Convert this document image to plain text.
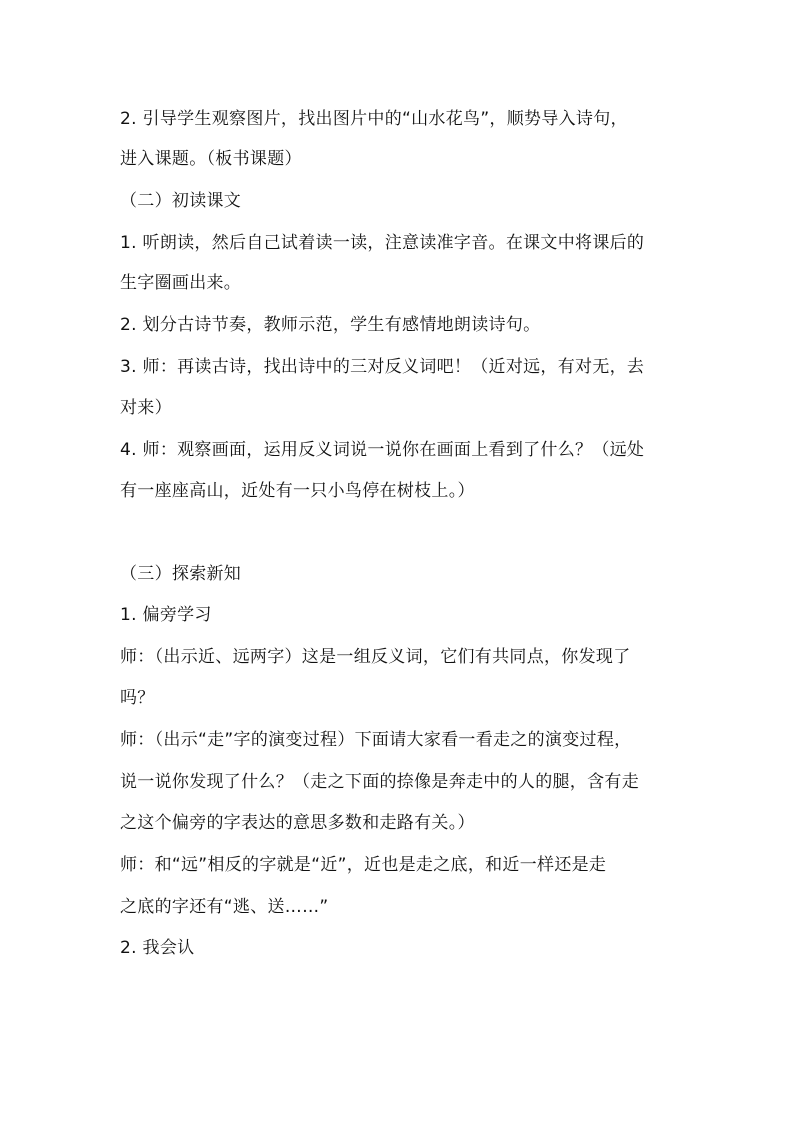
2. 引导学生观察图片，找出图片中的“山水花鸟”，顺势导入诗句，
进入课题。（板书课题）
（二）初读课文
1. 听朗读，然后自己试着读一读，注意读准字音。在课文中将课后的
生字圈画出来。
2. 划分古诗节奏，教师示范，学生有感情地朗读诗句。
3. 师：再读古诗，找出诗中的三对反义词吧！（近对远，有对无，去
对来）
4. 师：观察画面，运用反义词说一说你在画面上看到了什么？（远处
有一座座高山，近处有一只小鸟停在树枝上。）
（三）探索新知
1. 偏旁学习
师：（出示近、远两字）这是一组反义词，它们有共同点，你发现了
吗？
师：（出示“走”字的演变过程）下面请大家看一看走之的演变过程，
说一说你发现了什么？（走之下面的捺像是奔走中的人的腿，含有走
之这个偏旁的字表达的意思多数和走路有关。）
师：和“远”相反的字就是“近”，近也是走之底，和近一样还是走
之底的字还有“逃、送……”
2. 我会认
